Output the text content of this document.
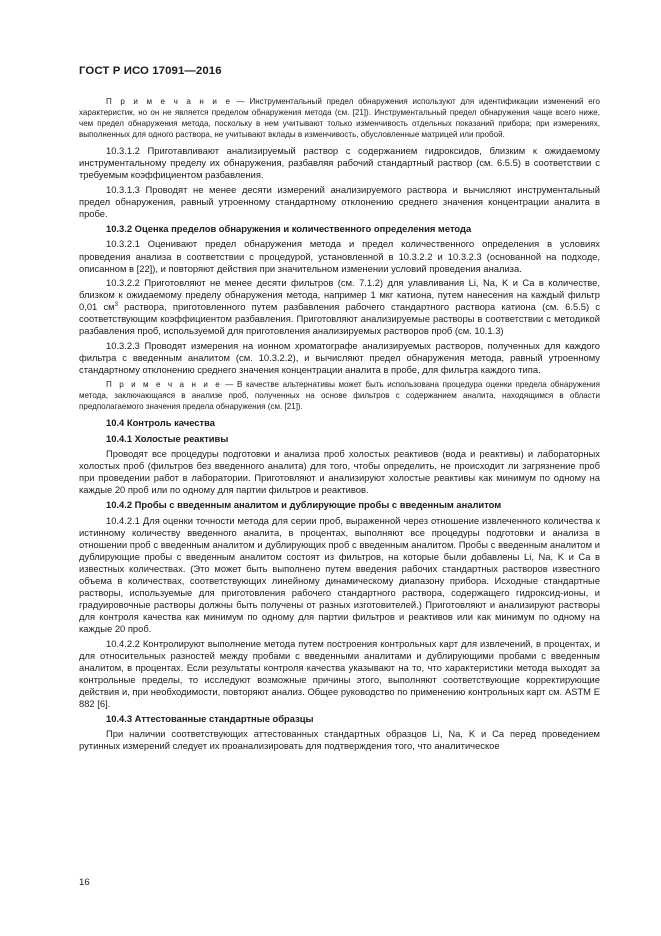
ГОСТ Р ИСО 17091—2016

П р и м е ч а н и е — Инструментальный предел обнаружения используют для идентификации изменений его характеристик, но он не является пределом обнаружения метода (см. [21]). Инструментальный предел обнаружения чаще всего ниже, чем предел обнаружения метода, поскольку в нем учитывают только изменчивость отдельных показаний прибора; при измерениях, выполненных для одного раствора, не учитывают вклады в изменчивость, обусловленные матрицей или пробой.

10.3.1.2 Приготавливают анализируемый раствор с содержанием гидроксидов, близким к ожидаемому инструментальному пределу их обнаружения, разбавляя рабочий стандартный раствор (см. 6.5.5) в соответствии с требуемым коэффициентом разбавления.

10.3.1.3 Проводят не менее десяти измерений анализируемого раствора и вычисляют инструментальный предел обнаружения, равный утроенному стандартному отклонению среднего значения концентрации аналита в пробе.

10.3.2 Оценка пределов обнаружения и количественного определения метода

10.3.2.1 Оценивают предел обнаружения метода и предел количественного определения в условиях проведения анализа в соответствии с процедурой, установленной в 10.3.2.2 и 10.3.2.3 (основанной на подходе, описанном в [22]), и повторяют действия при значительном изменении условий проведения анализа.

10.3.2.2 Приготовляют не менее десяти фильтров (см. 7.1.2) для улавливания Li, Na, K и Ca в количестве, близком к ожидаемому пределу обнаружения метода, например 1 мкг катиона, путем нанесения на каждый фильтр 0,01 $см^3$ раствора, приготовленного путем разбавления рабочего стандартного раствора катиона (см. 6.5.5) с соответствующим коэффициентом разбавления. Приготовляют анализируемые растворы в соответствии с методикой разбавления проб, используемой для приготовления анализируемых растворов проб (см. 10.1.3)

10.3.2.3 Проводят измерения на ионном хроматографе анализируемых растворов, полученных для каждого фильтра с введенным аналитом (см. 10.3.2.2), и вычисляют предел обнаружения метода, равный утроенному стандартному отклонению среднего значения концентрации аналита в пробе, для фильтра каждого типа.

П р и м е ч а н и е — В качестве альтернативы может быть использована процедура оценки предела обнаружения метода, заключающаяся в анализе проб, полученных на основе фильтров с содержанием аналита, находящимся в области предполагаемого значения предела обнаружения (см. [21]).

10.4 Контроль качества

10.4.1 Холостые реактивы

Проводят все процедуры подготовки и анализа проб холостых реактивов (вода и реактивы) и лабораторных холостых проб (фильтров без введенного аналита) для того, чтобы определить, не происходит ли загрязнение проб при проведении работ в лаборатории. Приготовляют и анализируют холостые реактивы как минимум по одному на каждые 20 проб или по одному для партии фильтров и реактивов.

10.4.2 Пробы с введенным аналитом и дублирующие пробы с введенным аналитом

10.4.2.1 Для оценки точности метода для серии проб, выраженной через отношение извлеченного количества к истинному количеству введенного аналита, в процентах, выполняют все процедуры подготовки и анализа в отношении проб с введенным аналитом и дублирующих проб с введенным аналитом. Пробы с введенным аналитом и дублирующие пробы с введенным аналитом состоят из фильтров, на которые были добавлены Li, Na, K и Ca в известных количествах. (Это может быть выполнено путем введения рабочих стандартных растворов известного объема в количествах, соответствующих линейному динамическому диапазону прибора. Исходные стандартные растворы, используемые для приготовления рабочего стандартного раствора, содержащего гидроксид-ионы, и градуировочные растворы должны быть получены от разных изготовителей.) Приготовляют и анализируют растворы для контроля качества как минимум по одному для партии фильтров и реактивов или как минимум по одному на каждые 20 проб.

10.4.2.2 Контролируют выполнение метода путем построения контрольных карт для извлечений, в процентах, и для относительных разностей между пробами с введенными аналитами и дублирующими пробами с введенным аналитом, в процентах. Если результаты контроля качества указывают на то, что характеристики метода выходят за контрольные пределы, то исследуют возможные причины этого, выполняют соответствующие корректирующие действия и, при необходимости, повторяют анализ. Общее руководство по применению контрольных карт см. ASTM E 882 [6].

10.4.3 Аттестованные стандартные образцы

При наличии соответствующих аттестованных стандартных образцов Li, Na, K и Ca перед проведением рутинных измерений следует их проанализировать для подтверждения того, что аналитическое

16
